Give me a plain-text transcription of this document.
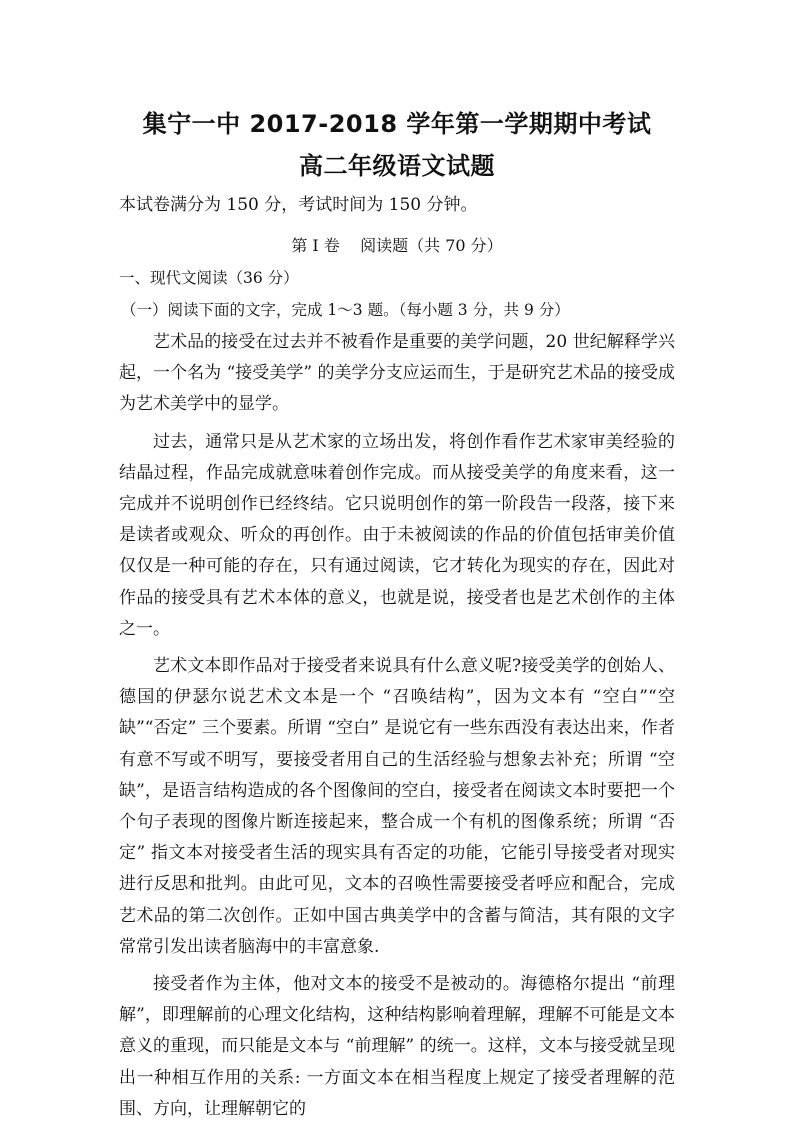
集宁一中 2017-2018 学年第一学期期中考试
高二年级语文试题

本试卷满分为 150 分，考试时间为 150 分钟。

第 I 卷    阅读题（共 70 分）

一、现代文阅读（36 分）

（一）阅读下面的文字，完成 1～3 题。（每小题 3 分，共 9 分）

艺术品的接受在过去并不被看作是重要的美学问题，20 世纪解释学兴起，一个名为 “接受美学” 的美学分支应运而生，于是研究艺术品的接受成为艺术美学中的显学。

过去，通常只是从艺术家的立场出发，将创作看作艺术家审美经验的结晶过程，作品完成就意味着创作完成。而从接受美学的角度来看，这一完成并不说明创作已经终结。它只说明创作的第一阶段告一段落，接下来是读者或观众、听众的再创作。由于未被阅读的作品的价值包括审美价值仅仅是一种可能的存在，只有通过阅读，它才转化为现实的存在，因此对作品的接受具有艺术本体的意义，也就是说，接受者也是艺术创作的主体之一。

艺术文本即作品对于接受者来说具有什么意义呢?接受美学的创始人、德国的伊瑟尔说艺术文本是一个 “召唤结构”，因为文本有 “空白”“空缺”“否定” 三个要素。所谓 “空白” 是说它有一些东西没有表达出来，作者有意不写或不明写，要接受者用自己的生活经验与想象去补充；所谓 “空缺”，是语言结构造成的各个图像间的空白，接受者在阅读文本时要把一个个句子表现的图像片断连接起来，整合成一个有机的图像系统；所谓 “否定” 指文本对接受者生活的现实具有否定的功能，它能引导接受者对现实进行反思和批判。由此可见，文本的召唤性需要接受者呼应和配合，完成艺术品的第二次创作。正如中国古典美学中的含蓄与简洁，其有限的文字常常引发出读者脑海中的丰富意象.

接受者作为主体，他对文本的接受不是被动的。海德格尔提出 “前理解”，即理解前的心理文化结构，这种结构影响着理解，理解不可能是文本意义的重现，而只能是文本与 “前理解” 的统一。这样，文本与接受就呈现出一种相互作用的关系: 一方面文本在相当程度上规定了接受者理解的范围、方向，让理解朝它的
